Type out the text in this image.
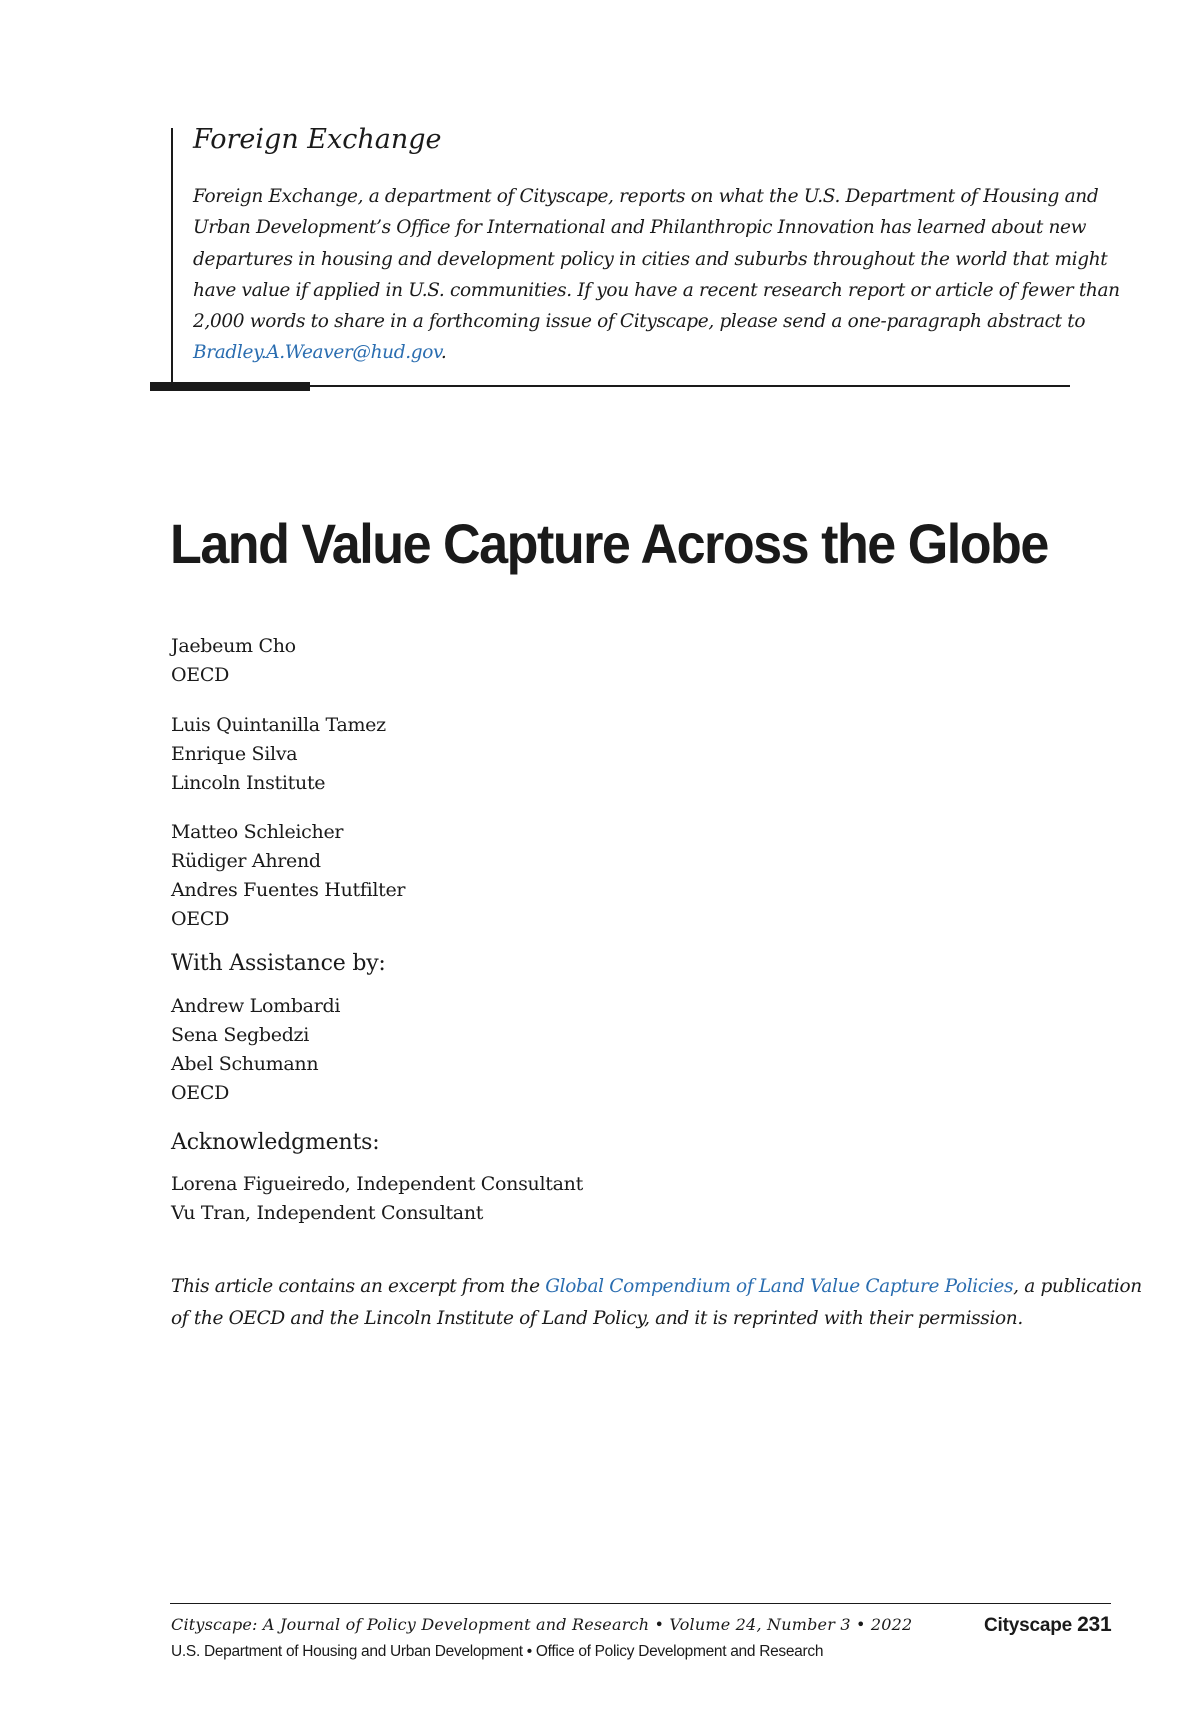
Foreign Exchange
Foreign Exchange, a department of Cityscape, reports on what the U.S. Department of Housing and
Urban Development’s Office for International and Philanthropic Innovation has learned about new
departures in housing and development policy in cities and suburbs throughout the world that might
have value if applied in U.S. communities. If you have a recent research report or article of fewer than
2,000 words to share in a forthcoming issue of Cityscape, please send a one-paragraph abstract to
Bradley.A.Weaver@hud.gov.
Land Value Capture Across the Globe
Jaebeum Cho
OECD
Luis Quintanilla Tamez
Enrique Silva
Lincoln Institute
Matteo Schleicher
Rüdiger Ahrend
Andres Fuentes Hutfilter
OECD
With Assistance by:
Andrew Lombardi
Sena Segbedzi
Abel Schumann
OECD
Acknowledgments:
Lorena Figueiredo, Independent Consultant
Vu Tran, Independent Consultant
This article contains an excerpt from the Global Compendium of Land Value Capture Policies, a publication
of the OECD and the Lincoln Institute of Land Policy, and it is reprinted with their permission.
Cityscape: A Journal of Policy Development and Research • Volume 24, Number 3 • 2022
U.S. Department of Housing and Urban Development • Office of Policy Development and Research
Cityscape 231
